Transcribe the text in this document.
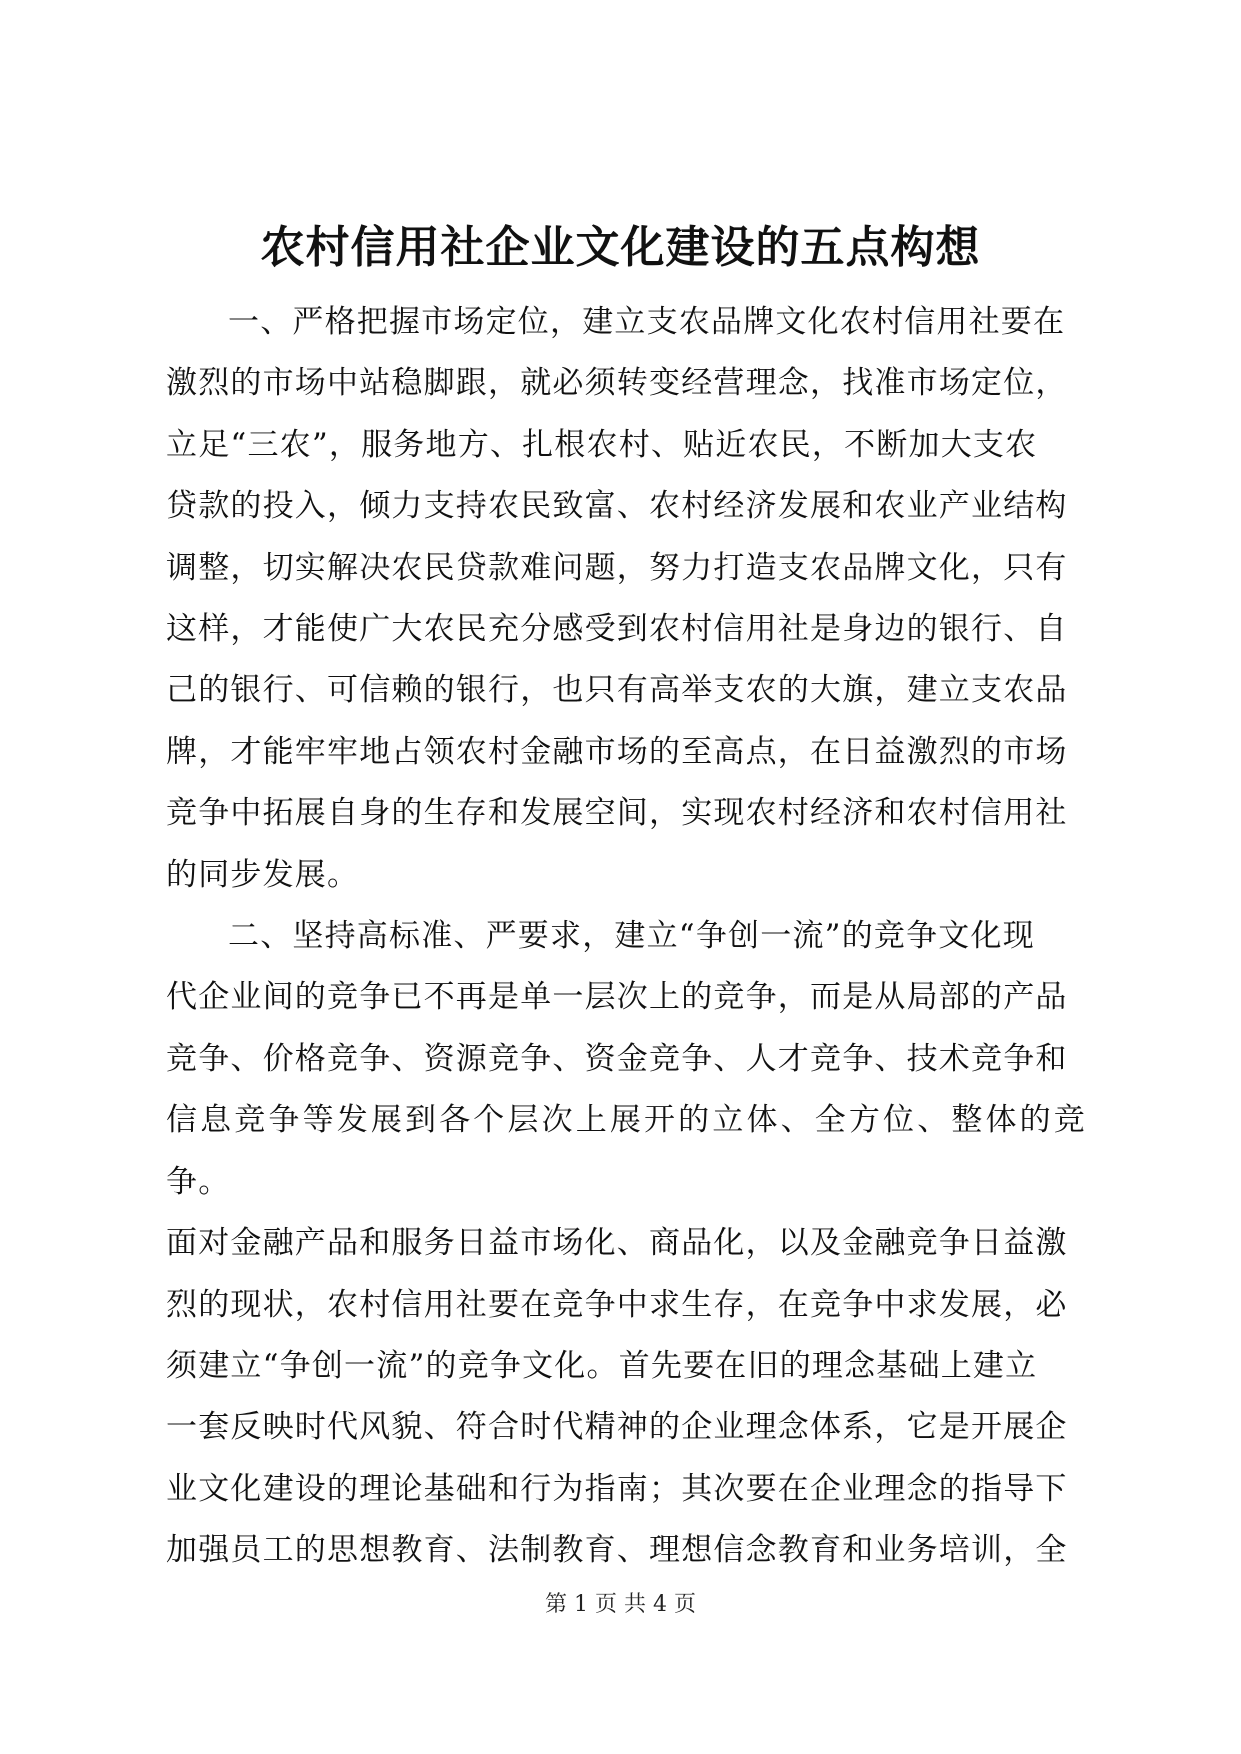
农村信用社企业文化建设的五点构想

一、严格把握市场定位，建立支农品牌文化农村信用社要在
激烈的市场中站稳脚跟，就必须转变经营理念，找准市场定位，
立足“三农”，服务地方、扎根农村、贴近农民，不断加大支农
贷款的投入，倾力支持农民致富、农村经济发展和农业产业结构
调整，切实解决农民贷款难问题，努力打造支农品牌文化，只有
这样，才能使广大农民充分感受到农村信用社是身边的银行、自
己的银行、可信赖的银行，也只有高举支农的大旗，建立支农品
牌，才能牢牢地占领农村金融市场的至高点，在日益激烈的市场
竞争中拓展自身的生存和发展空间，实现农村经济和农村信用社
的同步发展。

二、坚持高标准、严要求，建立“争创一流”的竞争文化现
代企业间的竞争已不再是单一层次上的竞争，而是从局部的产品
竞争、价格竞争、资源竞争、资金竞争、人才竞争、技术竞争和
信息竞争等发展到各个层次上展开的立体、全方位、整体的竞争。
面对金融产品和服务日益市场化、商品化，以及金融竞争日益激
烈的现状，农村信用社要在竞争中求生存，在竞争中求发展，必
须建立“争创一流”的竞争文化。首先要在旧的理念基础上建立
一套反映时代风貌、符合时代精神的企业理念体系，它是开展企
业文化建设的理论基础和行为指南；其次要在企业理念的指导下
加强员工的思想教育、法制教育、理想信念教育和业务培训，全

第 1 页 共 4 页
